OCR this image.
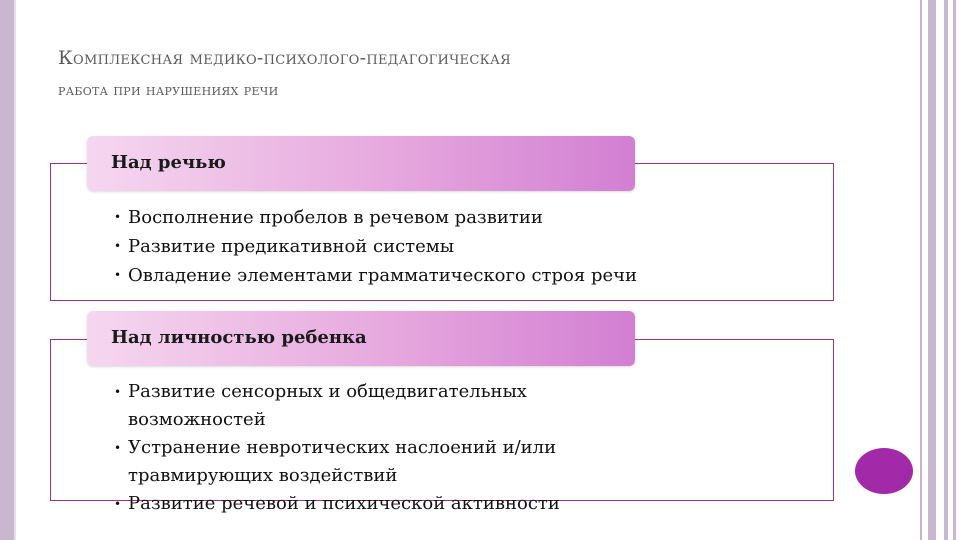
Комплексная медико-психолого-педагогическая
работа при нарушениях речи
Над речью
• Восполнение пробелов в речевом развитии
• Развитие предикативной системы
• Овладение элементами грамматического строя речи
Над личностью ребенка
• Развитие сенсорных и общедвигательных возможностей
• Устранение невротических наслоений и/или травмирующих воздействий
• Развитие речевой и психической активности
